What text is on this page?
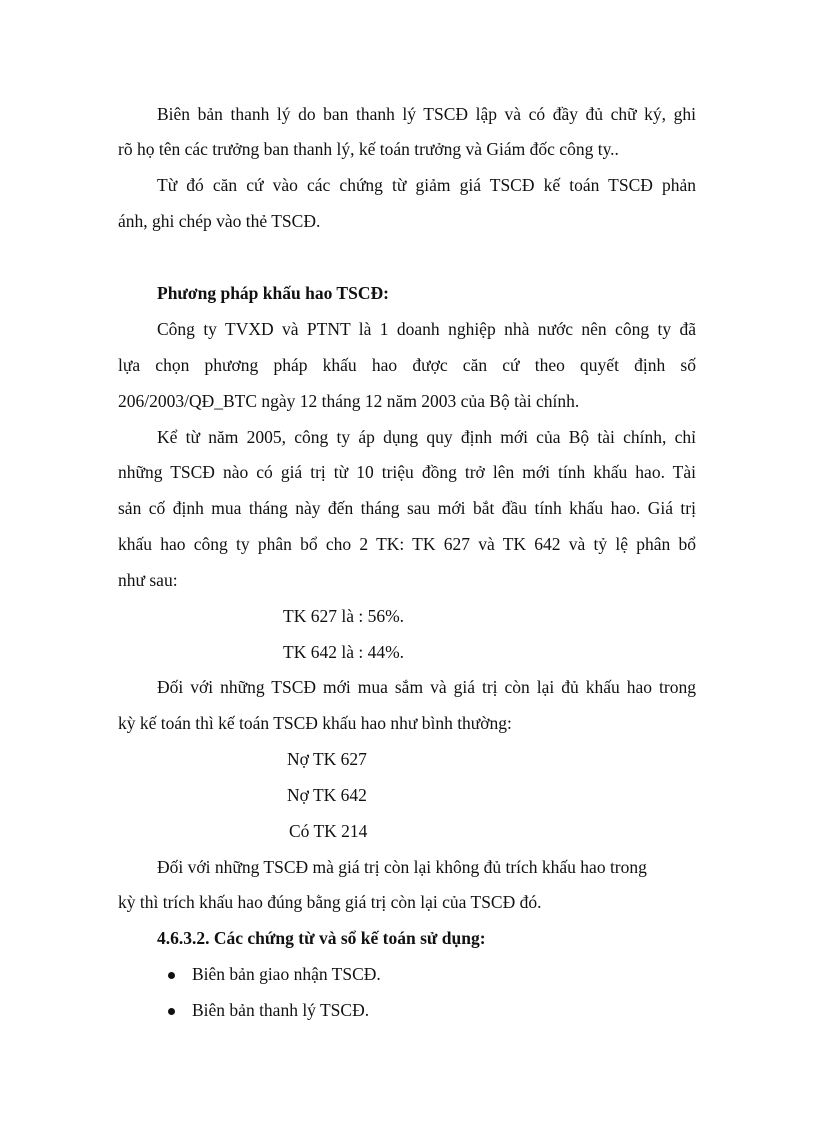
Biên bản thanh lý do ban thanh lý TSCĐ lập và có đầy đủ chữ ký, ghi
rõ họ tên các trưởng ban thanh lý, kế toán trưởng và Giám đốc công ty..
Từ đó căn cứ vào các chứng từ giảm giá TSCĐ kế toán TSCĐ phản
ánh, ghi chép vào thẻ TSCĐ.
Phương pháp khấu hao TSCĐ:
Công ty TVXD và PTNT là 1 doanh nghiệp nhà nước nên công ty đã
lựa chọn phương pháp khấu hao được căn cứ theo quyết định số
206/2003/QĐ_BTC ngày 12 tháng 12 năm 2003 của Bộ tài chính.
Kể từ năm 2005, công ty áp dụng quy định mới của Bộ tài chính, chỉ
những TSCĐ nào có giá trị từ 10 triệu đồng trở lên mới tính khấu hao. Tài
sản cố định mua tháng này đến tháng sau mới bắt đầu tính khấu hao. Giá trị
khấu hao công ty phân bổ cho 2 TK: TK 627 và TK 642 và tỷ lệ phân bổ
như sau:
TK 627 là : 56%.
TK 642 là : 44%.
Đối với những TSCĐ mới mua sắm và giá trị còn lại đủ khấu hao trong
kỳ kế toán thì kế toán TSCĐ khấu hao như bình thường:
Nợ TK 627
Nợ TK 642
Có TK 214
Đối với những TSCĐ mà giá trị còn lại không đủ trích khấu hao trong
kỳ thì trích khấu hao đúng bằng giá trị còn lại của TSCĐ đó.
4.6.3.2. Các chứng từ và sổ kế toán sử dụng:
Biên bản giao nhận TSCĐ.
Biên bản thanh lý TSCĐ.
